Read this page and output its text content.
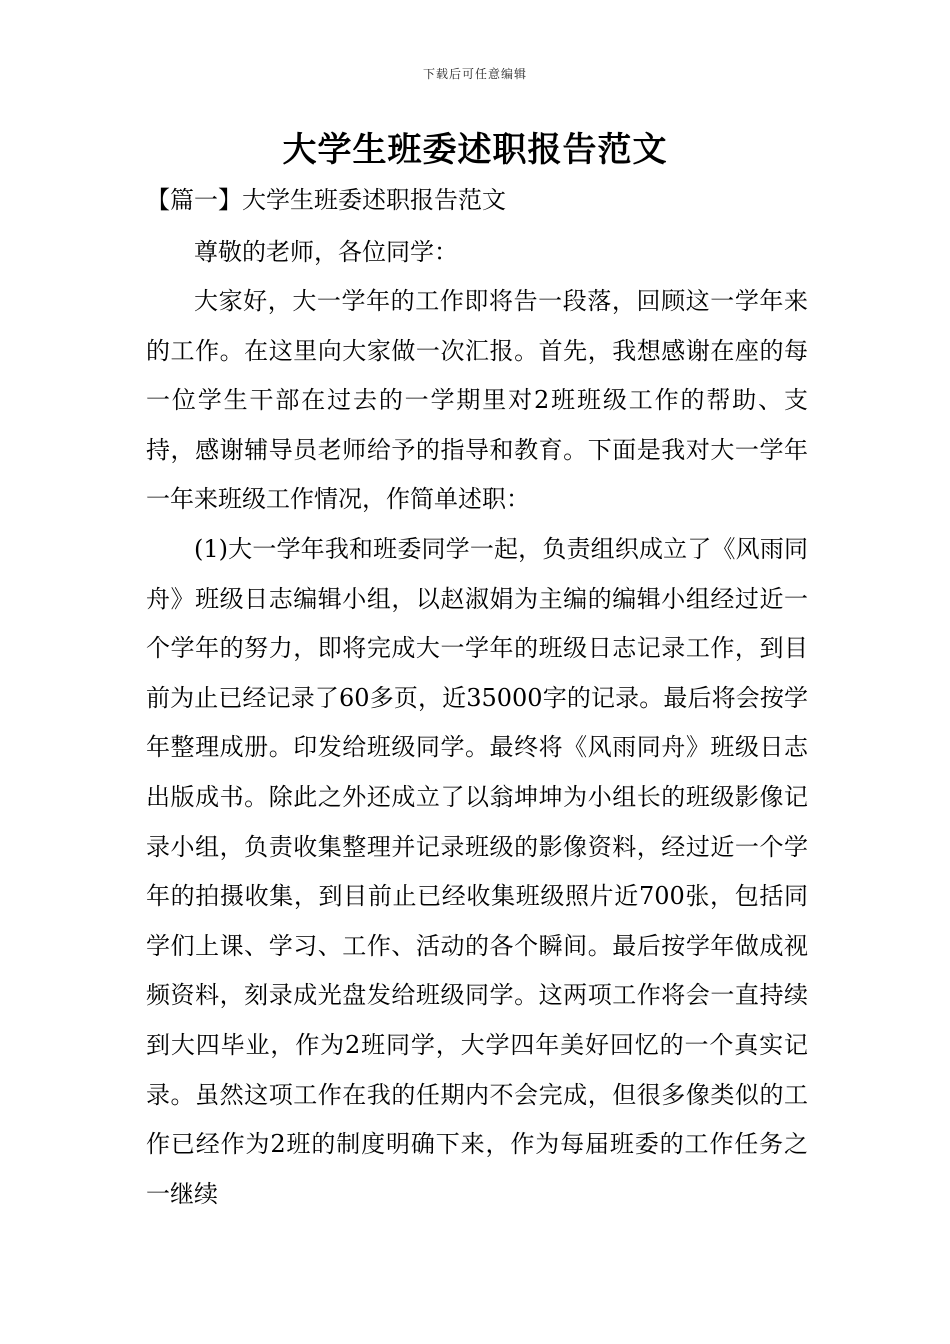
下载后可任意编辑
大学生班委述职报告范文
【篇一】大学生班委述职报告范文

尊敬的老师，各位同学：

大家好，大一学年的工作即将告一段落，回顾这一学年来的工作。在这里向大家做一次汇报。首先，我想感谢在座的每一位学生干部在过去的一学期里对2班班级工作的帮助、支持，感谢辅导员老师给予的指导和教育。下面是我对大一学年一年来班级工作情况，作简单述职：

(1)大一学年我和班委同学一起，负责组织成立了《风雨同舟》班级日志编辑小组，以赵淑娟为主编的编辑小组经过近一个学年的努力，即将完成大一学年的班级日志记录工作，到目前为止已经记录了60多页，近35000字的记录。最后将会按学年整理成册。印发给班级同学。最终将《风雨同舟》班级日志出版成书。除此之外还成立了以翁坤坤为小组长的班级影像记录小组，负责收集整理并记录班级的影像资料，经过近一个学年的拍摄收集，到目前止已经收集班级照片近700张，包括同学们上课、学习、工作、活动的各个瞬间。最后按学年做成视频资料，刻录成光盘发给班级同学。这两项工作将会一直持续到大四毕业，作为2班同学，大学四年美好回忆的一个真实记录。虽然这项工作在我的任期内不会完成，但很多像类似的工作已经作为2班的制度明确下来，作为每届班委的工作任务之一继续
